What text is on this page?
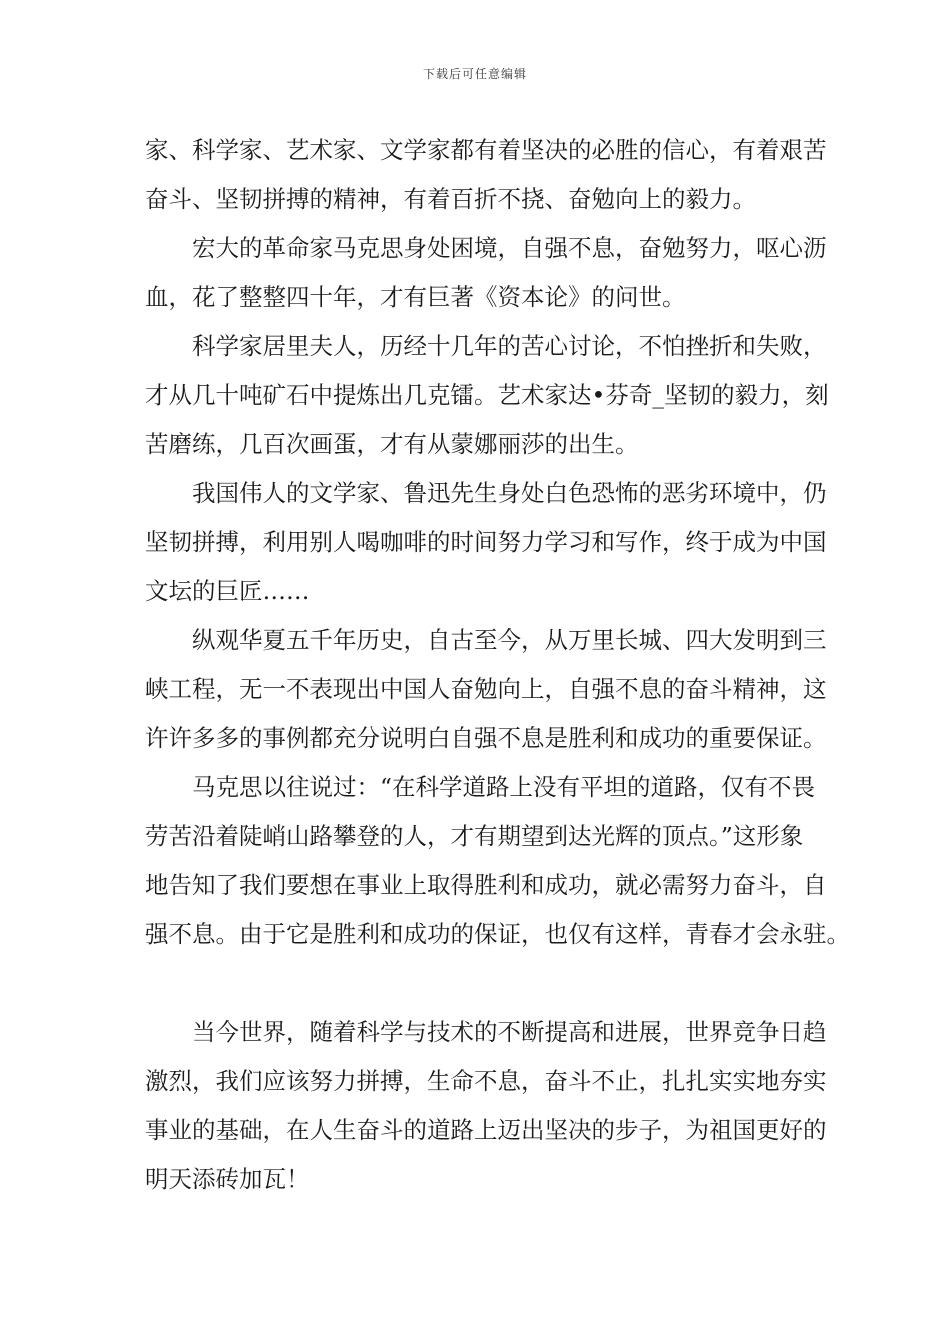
下载后可任意编辑
家、科学家、艺术家、文学家都有着坚决的必胜的信心，有着艰苦
奋斗、坚韧拼搏的精神，有着百折不挠、奋勉向上的毅力。
　　宏大的革命家马克思身处困境，自强不息，奋勉努力，呕心沥
血，花了整整四十年，才有巨著《资本论》的问世。
　　科学家居里夫人，历经十几年的苦心讨论，不怕挫折和失败，
才从几十吨矿石中提炼出几克镭。艺术家达•芬奇_坚韧的毅力，刻
苦磨练，几百次画蛋，才有从蒙娜丽莎的出生。
　　我国伟人的文学家、鲁迅先生身处白色恐怖的恶劣环境中，仍
坚韧拼搏，利用别人喝咖啡的时间努力学习和写作，终于成为中国
文坛的巨匠……
　　纵观华夏五千年历史，自古至今，从万里长城、四大发明到三
峡工程，无一不表现出中国人奋勉向上，自强不息的奋斗精神，这
许许多多的事例都充分说明白自强不息是胜利和成功的重要保证。
　　马克思以往说过：“在科学道路上没有平坦的道路，仅有不畏
劳苦沿着陡峭山路攀登的人，才有期望到达光辉的顶点。”这形象
地告知了我们要想在事业上取得胜利和成功，就必需努力奋斗，自
强不息。由于它是胜利和成功的保证，也仅有这样，青春才会永驻。
　　当今世界，随着科学与技术的不断提高和进展，世界竞争日趋
激烈，我们应该努力拼搏，生命不息，奋斗不止，扎扎实实地夯实
事业的基础，在人生奋斗的道路上迈出坚决的步子，为祖国更好的
明天添砖加瓦！
